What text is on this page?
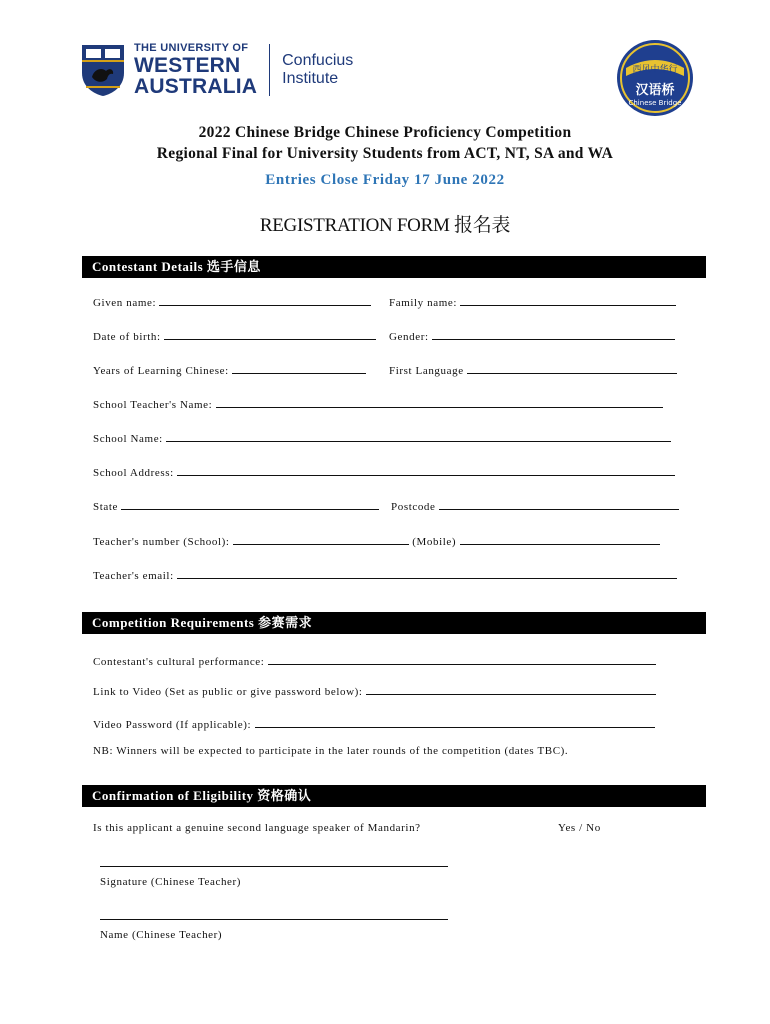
THE UNIVERSITY OF
WESTERN
AUSTRALIA
Confucius
Institute	西风中华行
汉语桥
Chinese Bridge
2022 Chinese Bridge Chinese Proficiency Competition
Regional Final for University Students from ACT, NT, SA and WA
Entries Close Friday 17 June 2022
REGISTRATION FORM 报名表
Contestant Details 选手信息
Given name:	Family name:
Date of birth:	Gender:
Years of Learning Chinese:	First Language
School Teacher's Name:
School Name:
School Address:
State	Postcode
Teacher's number (School):	(Mobile)
Teacher's email:
Competition Requirements 参赛需求
Contestant's cultural performance:
Link to Video (Set as public or give password below):
Video Password (If applicable):
NB: Winners will be expected to participate in the later rounds of the competition (dates TBC).
Confirmation of Eligibility 资格确认
Is this applicant a genuine second language speaker of Mandarin?	Yes / No
Signature (Chinese Teacher)
Name (Chinese Teacher)
